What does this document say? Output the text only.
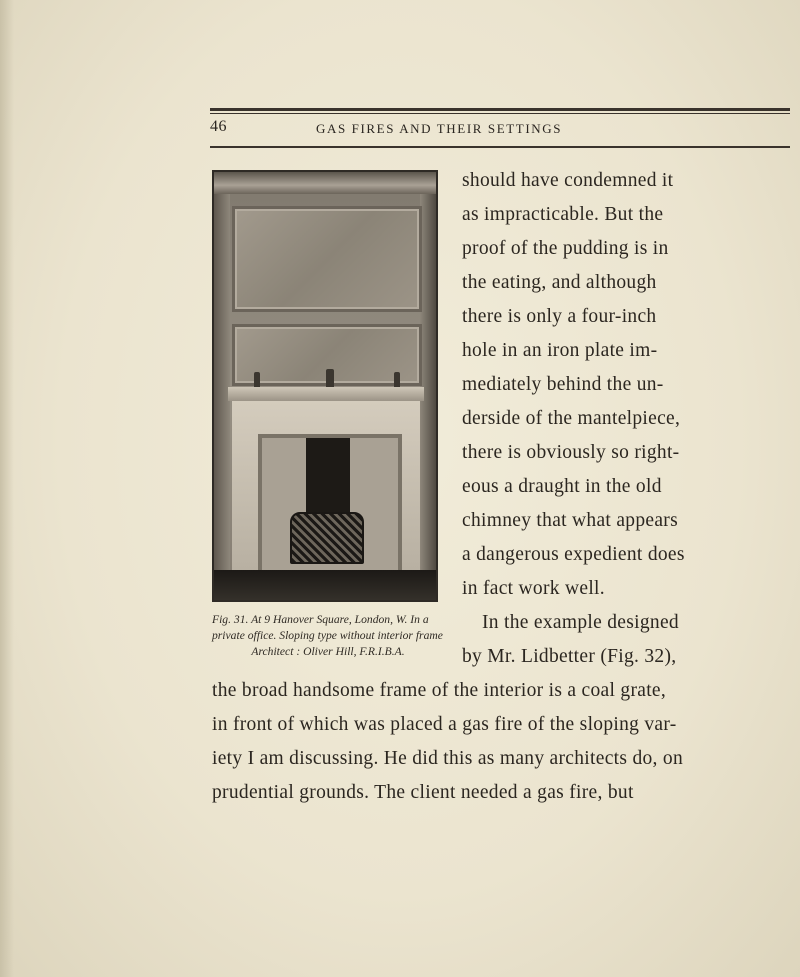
46	GAS FIRES AND THEIR SETTINGS
Fig. 31. At 9 Hanover Square, London, W. In a
private office. Sloping type without interior frame
Architect : Oliver Hill, F.R.I.B.A.
should have condemned it
as impracticable. But the
proof of the pudding is in
the eating, and although
there is only a four-inch
hole in an iron plate im-
mediately behind the un-
derside of the mantelpiece,
there is obviously so right-
eous a draught in the old
chimney that what appears
a dangerous expedient does
in fact work well.
In the example designed
by Mr. Lidbetter (Fig. 32),
the broad handsome frame of the interior is a coal grate,
in front of which was placed a gas fire of the sloping var-
iety I am discussing. He did this as many architects do, on
prudential grounds. The client needed a gas fire, but
